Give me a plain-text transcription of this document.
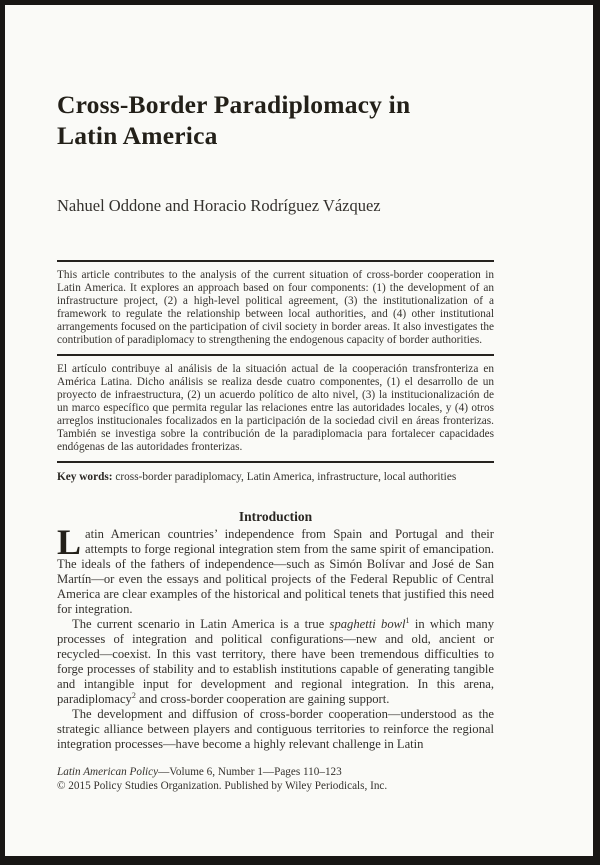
Cross-Border Paradiplomacy in Latin America
Nahuel Oddone and Horacio Rodríguez Vázquez

This article contributes to the analysis of the current situation of cross-border cooperation in Latin America. It explores an approach based on four components: (1) the development of an infrastructure project, (2) a high-level political agreement, (3) the institutionalization of a framework to regulate the relationship between local authorities, and (4) other institutional arrangements focused on the participation of civil society in border areas. It also investigates the contribution of paradiplomacy to strengthening the endogenous capacity of border authorities.

El artículo contribuye al análisis de la situación actual de la cooperación transfronteriza en América Latina. Dicho análisis se realiza desde cuatro componentes, (1) el desarrollo de un proyecto de infraestructura, (2) un acuerdo político de alto nivel, (3) la institucionalización de un marco específico que permita regular las relaciones entre las autoridades locales, y (4) otros arreglos institucionales focalizados en la participación de la sociedad civil en áreas fronterizas. También se investiga sobre la contribución de la paradiplomacia para fortalecer capacidades endógenas de las autoridades fronterizas.

Key words: cross-border paradiplomacy, Latin America, infrastructure, local authorities
Introduction

Latin American countries’ independence from Spain and Portugal and their attempts to forge regional integration stem from the same spirit of emancipation. The ideals of the fathers of independence—such as Simón Bolívar and José de San Martín—or even the essays and political projects of the Federal Republic of Central America are clear examples of the historical and political tenets that justified this need for integration.

The current scenario in Latin America is a true spaghetti bowl$^1$ in which many processes of integration and political configurations—new and old, ancient or recycled—coexist. In this vast territory, there have been tremendous difficulties to forge processes of stability and to establish institutions capable of generating tangible and intangible input for development and regional integration. In this arena, paradiplomacy$^2$ and cross-border cooperation are gaining support.

The development and diffusion of cross-border cooperation—understood as the strategic alliance between players and contiguous territories to reinforce the regional integration processes—have become a highly relevant challenge in Latin

Latin American Policy—Volume 6, Number 1—Pages 110–123
© 2015 Policy Studies Organization. Published by Wiley Periodicals, Inc.
